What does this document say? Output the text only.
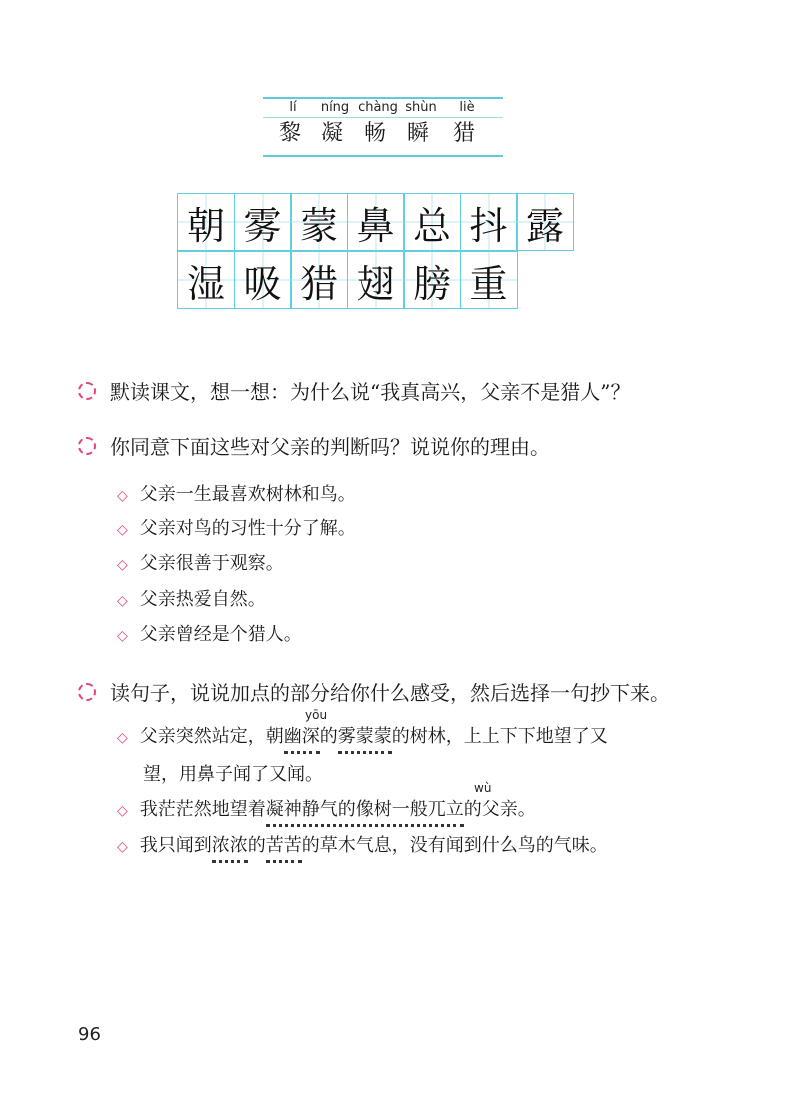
lí
黎
níng
凝
chàng
畅
shùn
瞬
liè
猎
朝 雾 蒙 鼻 总 抖 露
湿 吸 猎 翅 膀 重
默读课文，想一想：为什么说“我真高兴，父亲不是猎人”？
你同意下面这些对父亲的判断吗？说说你的理由。
◇ 父亲一生最喜欢树林和鸟。
◇ 父亲对鸟的习性十分了解。
◇ 父亲很善于观察。
◇ 父亲热爱自然。
◇ 父亲曾经是个猎人。
读句子，说说加点的部分给你什么感受，然后选择一句抄下来。
yōu
◇ 父亲突然站定，朝 幽深 的 雾蒙蒙 的树林，上上下下地望了又
望，用鼻子闻了又闻。
wù
◇ 我茫茫然地望着 凝神静气的像树一般兀立 的父亲。
◇ 我只闻到 浓浓 的 苦苦 的草木气息，没有闻到什么鸟的气味。
96
